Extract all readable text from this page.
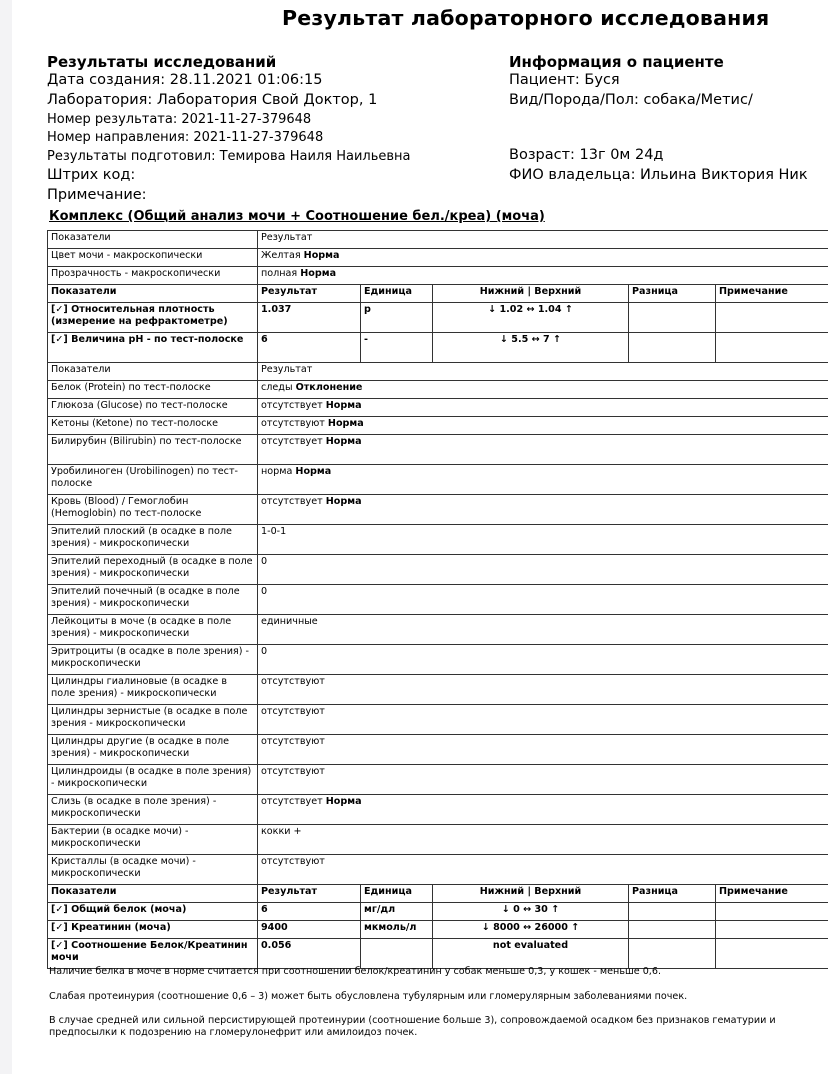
Результат лабораторного исследования
Результаты исследований
Дата создания: 28.11.2021 01:06:15
Лаборатория: Лаборатория Свой Доктор, 1
Номер результата: 2021-11-27-379648
Номер направления: 2021-11-27-379648
Результаты подготовил: Темирова Наиля Наильевна
Штрих код:
Примечание:
Информация о пациенте
Пациент: Буся
Вид/Порода/Пол: собака/Метис/
Возраст: 13г 0м 24д
ФИО владельца: Ильина Виктория Ник
Комплекс (Общий анализ мочи + Соотношение бел./креа) (моча)
Показатели	Результат				
Цвет мочи - макроскопически	Желтая Норма				
Прозрачность - макроскопически	полная Норма				
Показатели	Результат	Единица	Нижний | Верхний	Разница	Примечание
[✓] Относительная плотность (измерение на рефрактометре)	1.037	р	↓ 1.02 ↔ 1.04 ↑		
[✓] Величина pH - по тест-полоске	6	-	↓ 5.5 ↔ 7 ↑		
Показатели	Результат				
Белок (Protein) по тест-полоске	следы Отклонение				
Глюкоза (Glucose) по тест-полоске	отсутствует Норма				
Кетоны (Ketone) по тест-полоске	отсутствуют Норма				
Билирубин (Bilirubin) по тест-полоске	отсутствует Норма				
Уробилиноген (Urobilinogen) по тест-полоске	норма Норма				
Кровь (Blood) / Гемоглобин (Hemoglobin) по тест-полоске	отсутствует Норма				
Эпителий плоский (в осадке в поле зрения) - микроскопически	1-0-1				
Эпителий переходный (в осадке в поле зрения) - микроскопически	0				
Эпителий почечный (в осадке в поле зрения) - микроскопически	0				
Лейкоциты в моче (в осадке в поле зрения) - микроскопически	единичные				
Эритроциты (в осадке в поле зрения) - микроскопически	0				
Цилиндры гиалиновые (в осадке в поле зрения) - микроскопически	отсутствуют				
Цилиндры зернистые (в осадке в поле зрения - микроскопически	отсутствуют				
Цилиндры другие (в осадке в поле зрения) - микроскопически	отсутствуют				
Цилиндроиды (в осадке в поле зрения) - микроскопически	отсутствуют				
Слизь (в осадке в поле зрения) - микроскопически	отсутствует Норма				
Бактерии (в осадке мочи) - микроскопически	кокки +				
Кристаллы (в осадке мочи) - микроскопически	отсутствуют				
Показатели	Результат	Единица	Нижний | Верхний	Разница	Примечание
[✓] Общий белок (моча)	6	мг/дл	↓ 0 ↔ 30 ↑		
[✓] Креатинин (моча)	9400	мкмоль/л	↓ 8000 ↔ 26000 ↑		
[✓] Соотношение Белок/Креатинин мочи	0.056		not evaluated		
Наличие белка в моче в норме считается при соотношении белок/креатинин у собак меньше 0,3, у кошек - меньше 0,6.
Слабая протеинурия (соотношение 0,6 – 3) может быть обусловлена тубулярным или гломерулярным заболеваниями почек.
В случае средней или сильной персистирующей протеинурии (соотношение больше 3), сопровождаемой осадком без признаков гематурии и предпосылки к подозрению на гломерулонефрит или амилоидоз почек.
